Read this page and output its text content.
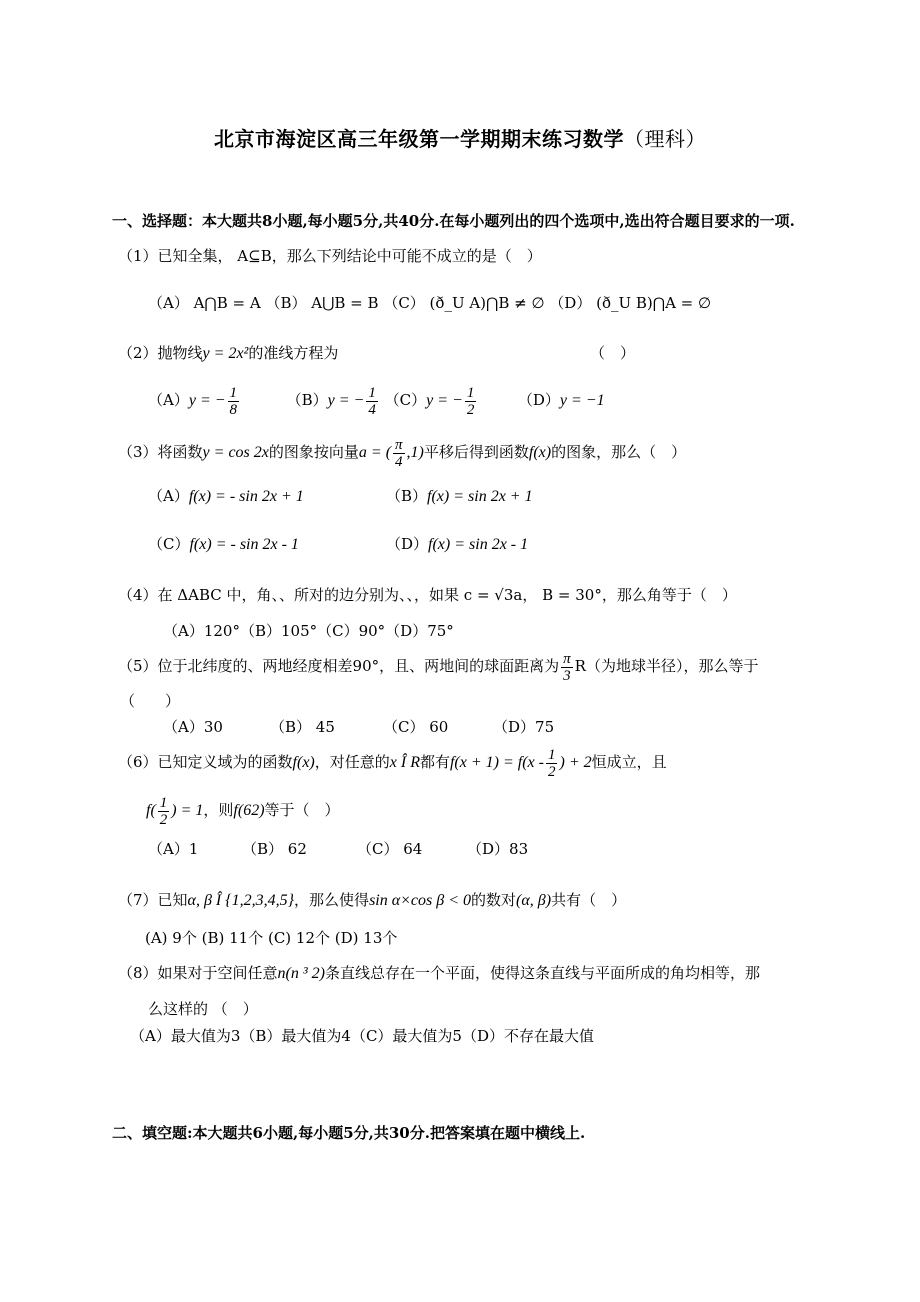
北京市海淀区高三年级第一学期期末练习数学（理科）
一、选择题：本大题共8小题,每小题5分,共40分.在每小题列出的四个选项中,选出符合题目要求的一项.
（1）已知全集， A⊆B，那么下列结论中可能不成立的是（　）
（A） A⋂B = A （B） A⋃B = B （C） (ð_U A)⋂B ≠ ∅ （D） (ð_U B)⋂A = ∅
（2）抛物线y = 2x²的准线方程为	（　）
（A）y = − $\frac{1}{8}$	（B）y = − $\frac{1}{4} (C)y$ = − $\frac{1}{2}$	（D）y = −1
（3）将函数y = cos 2x的图象按向量a = ( $\frac{\pi}{4} ,1$)平移后得到函数f(x)的图象，那么（　）
（A）f(x) = - sin 2x + 1	（B）f(x) = sin 2x + 1
（C）f(x) = - sin 2x - 1	（D）f(x) = sin 2x - 1
（4）在 ΔABC 中，角、、所对的边分别为、、，如果 c = √3a， B = 30°，那么角等于（　）
（A）120°（B）105°（C）90°（D）75°
（5）位于北纬度的、两地经度相差90°，且、两地间的球面距离为 $\frac{\pi}{3} R$（为地球半径），那么等于
（　　）
（A）30	（B） 45	（C） 60	（D）75
（6）已知定义域为的函数f(x)，对任意的x Î R都有$f(x + 1) = f(x - \frac{1}{2}$ ) + 2恒成立，且
$f( \frac{1}{2}$ ) = 1，则f(62)等于（　）
（A）1	（B） 62	（C） 64	（D）83
（7）已知α, β Î {1,2,3,4,5}，那么使得sin α×cos β < 0的数对(α, β)共有（　）
(A) 9个 (B) 11个 (C) 12个 (D) 13个
（8）如果对于空间任意n(n ³ 2)条直线总存在一个平面，使得这条直线与平面所成的角均相等，那
么这样的 （　）
（A）最大值为3（B）最大值为4（C）最大值为5（D）不存在最大值
二、填空题:本大题共6小题,每小题5分,共30分.把答案填在题中横线上.
